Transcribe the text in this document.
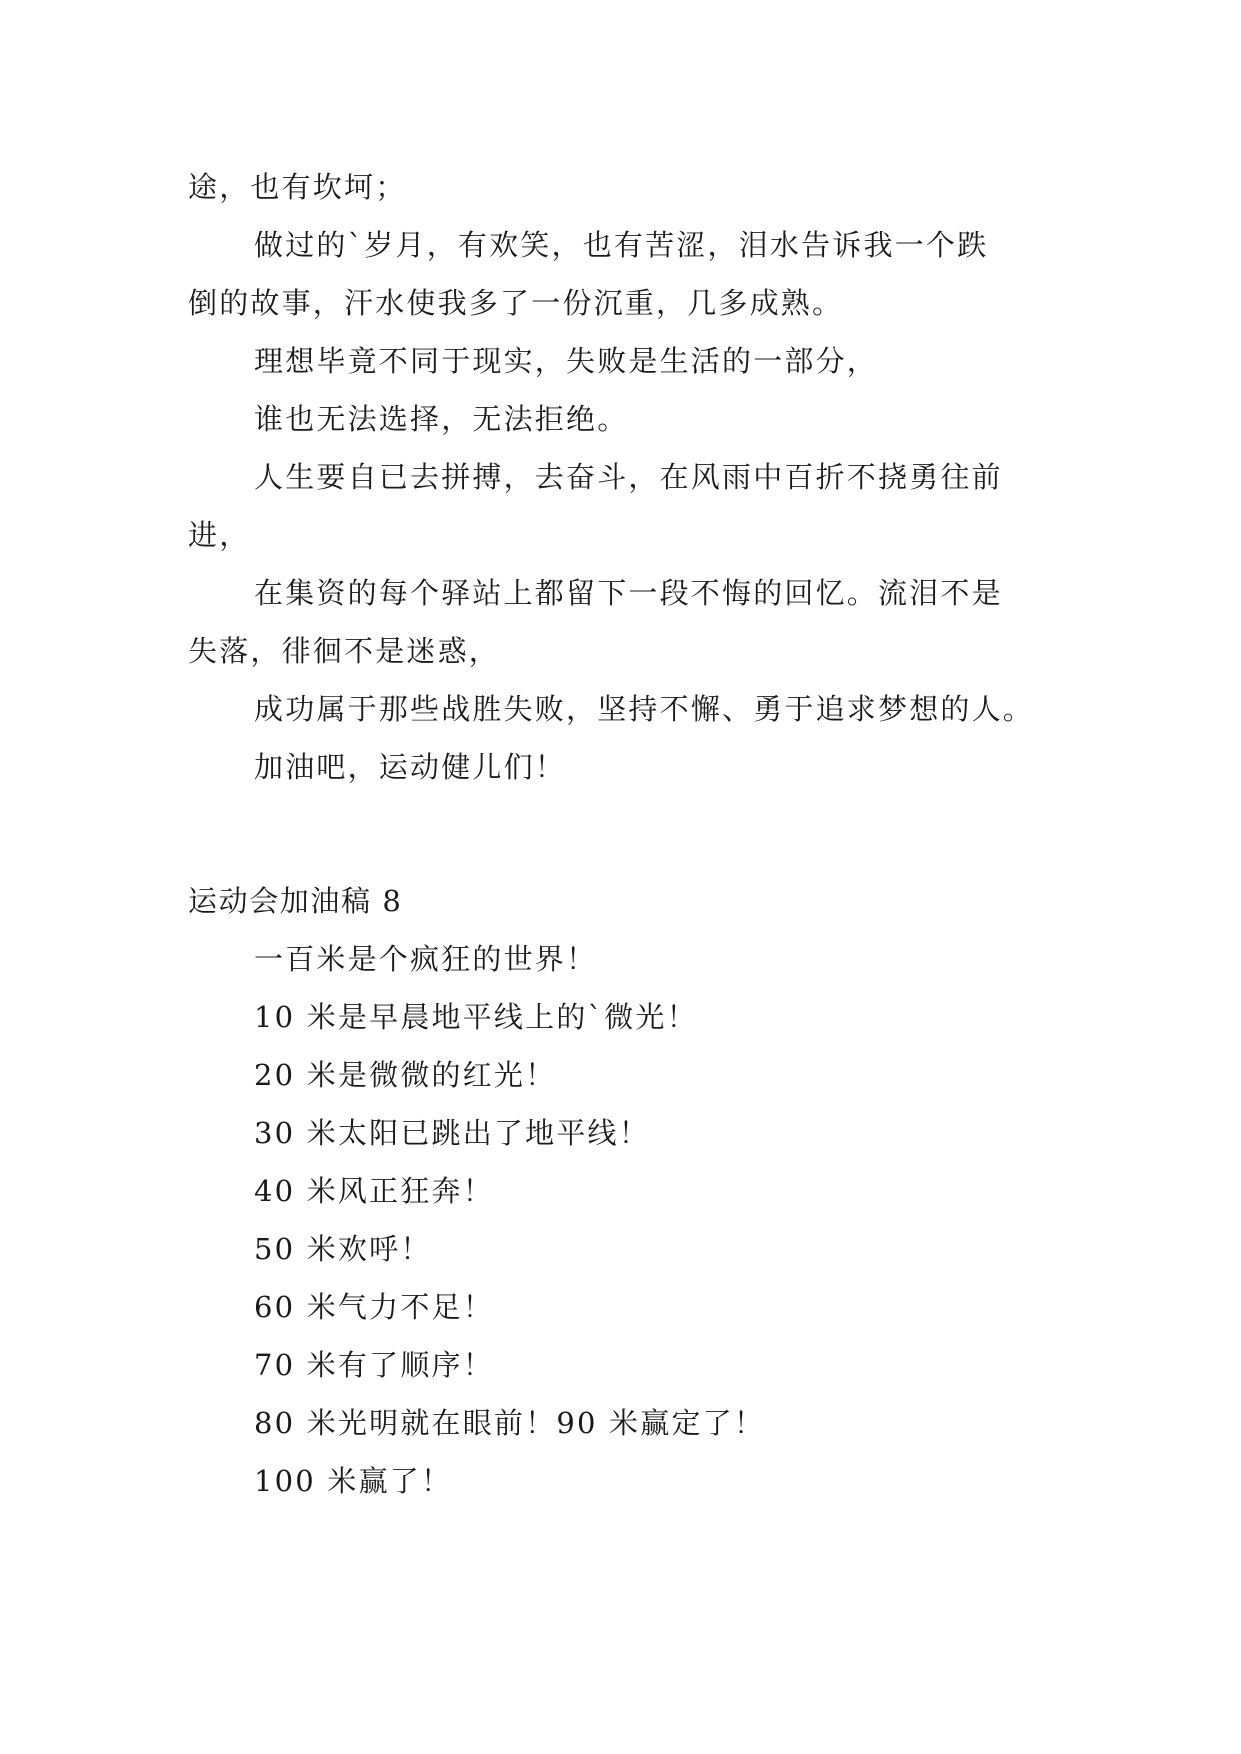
途，也有坎坷；

做过的`岁月，有欢笑，也有苦涩，泪水告诉我一个跌

倒的故事，汗水使我多了一份沉重，几多成熟。

理想毕竟不同于现实，失败是生活的一部分，

谁也无法选择，无法拒绝。

人生要自已去拼搏，去奋斗，在风雨中百折不挠勇往前

进，

在集资的每个驿站上都留下一段不悔的回忆。流泪不是

失落，徘徊不是迷惑，

成功属于那些战胜失败，坚持不懈、勇于追求梦想的人。

加油吧，运动健儿们！

运动会加油稿 8

一百米是个疯狂的世界！

10 米是早晨地平线上的`微光！

20 米是微微的红光！

30 米太阳已跳出了地平线！

40 米风正狂奔！

50 米欢呼！

60 米气力不足！

70 米有了顺序！

80 米光明就在眼前！90 米赢定了！

100 米赢了！
